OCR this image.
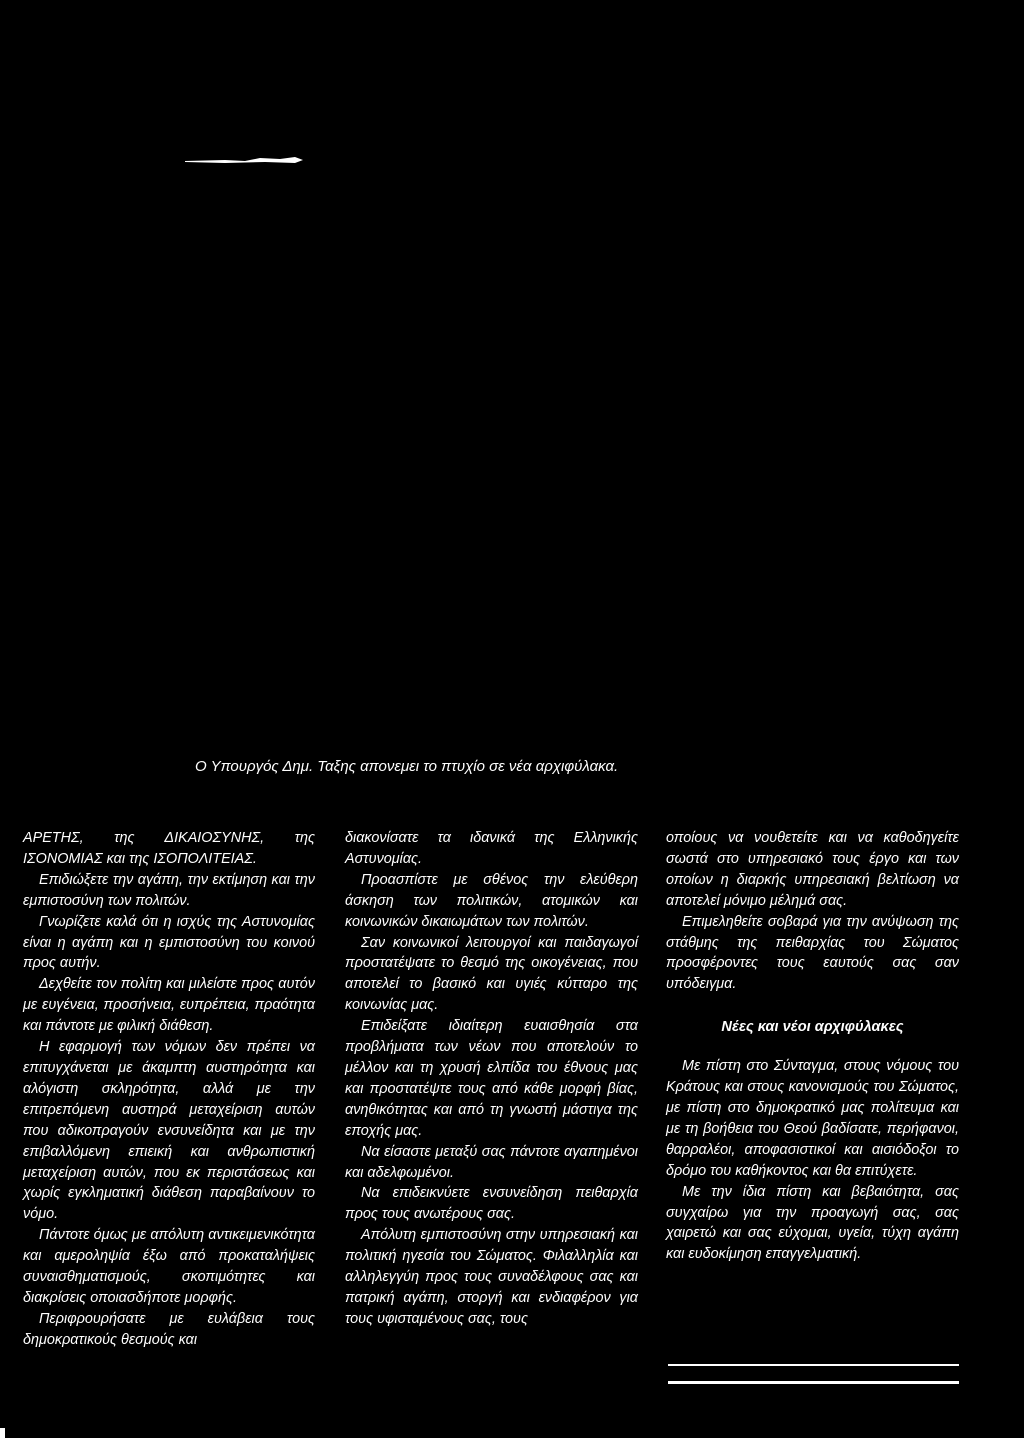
Ο Υπουργός Δημ. Ταξης απονεμει το πτυχίο σε νέα αρχιφύλακα.

ΑΡΕΤΗΣ, της ΔΙΚΑΙΟΣΥΝΗΣ, της ΙΣΟΝΟΜΙΑΣ και της ΙΣΟΠΟΛΙΤΕΙΑΣ.

Επιδιώξετε την αγάπη, την εκτίμηση και την εμπιστοσύνη των πολιτών.

Γνωρίζετε καλά ότι η ισχύς της Αστυνομίας είναι η αγάπη και η εμπιστοσύνη του κοινού προς αυτήν.

Δεχθείτε τον πολίτη και μιλείστε προς αυτόν με ευγένεια, προσήνεια, ευπρέπεια, πραότητα και πάντοτε με φιλική διάθεση.

Η εφαρμογή των νόμων δεν πρέπει να επιτυγχάνεται με άκαμπτη αυστηρότητα και αλόγιστη σκληρότητα, αλλά με την επιτρεπόμενη αυστηρά μεταχείριση αυτών που αδικοπραγούν ενσυνείδητα και με την επιβαλλόμενη επιεική και ανθρωπιστική μεταχείριση αυτών, που εκ περιστάσεως και χωρίς εγκληματική διάθεση παραβαίνουν το νόμο.

Πάντοτε όμως με απόλυτη αντικειμενικότητα και αμεροληψία έξω από προκαταλήψεις συναισθηματισμούς, σκοπιμότητες και διακρίσεις οποιασδήποτε μορφής.

Περιφρουρήσατε με ευλάβεια τους δημοκρατικούς θεσμούς και

διακονίσατε τα ιδανικά της Ελληνικής Αστυνομίας.

Προασπίστε με σθένος την ελεύθερη άσκηση των πολιτικών, ατομικών και κοινωνικών δικαιωμάτων των πολιτών.

Σαν κοινωνικοί λειτουργοί και παιδαγωγοί προστατέψατε το θεσμό της οικογένειας, που αποτελεί το βασικό και υγιές κύτταρο της κοινωνίας μας.

Επιδείξατε ιδιαίτερη ευαισθησία στα προβλήματα των νέων που αποτελούν το μέλλον και τη χρυσή ελπίδα του έθνους μας και προστατέψτε τους από κάθε μορφή βίας, ανηθικότητας και από τη γνωστή μάστιγα της εποχής μας.

Να είσαστε μεταξύ σας πάντοτε αγαπημένοι και αδελφωμένοι.

Να επιδεικνύετε ενσυνείδηση πειθαρχία προς τους ανωτέρους σας.

Απόλυτη εμπιστοσύνη στην υπηρεσιακή και πολιτική ηγεσία του Σώματος. Φιλαλληλία και αλληλεγγύη προς τους συναδέλφους σας και πατρική αγάπη, στοργή και ενδιαφέρον για τους υφισταμένους σας, τους

οποίους να νουθετείτε και να καθοδηγείτε σωστά στο υπηρεσιακό τους έργο και των οποίων η διαρκής υπηρεσιακή βελτίωση να αποτελεί μόνιμο μέλημά σας.

Επιμεληθείτε σοβαρά για την ανύψωση της στάθμης της πειθαρχίας του Σώματος προσφέροντες τους εαυτούς σας σαν υπόδειγμα.

Νέες και νέοι αρχιφύλακες

Με πίστη στο Σύνταγμα, στους νόμους του Κράτους και στους κανονισμούς του Σώματος, με πίστη στο δημοκρατικό μας πολίτευμα και με τη βοήθεια του Θεού βαδίσατε, περήφανοι, θαρραλέοι, αποφασιστικοί και αισιόδοξοι το δρόμο του καθήκοντος και θα επιτύχετε.

Με την ίδια πίστη και βεβαιότητα, σας συγχαίρω για την προαγωγή σας, σας χαιρετώ και σας εύχομαι, υγεία, τύχη αγάπη και ευδοκίμηση επαγγελματική.
